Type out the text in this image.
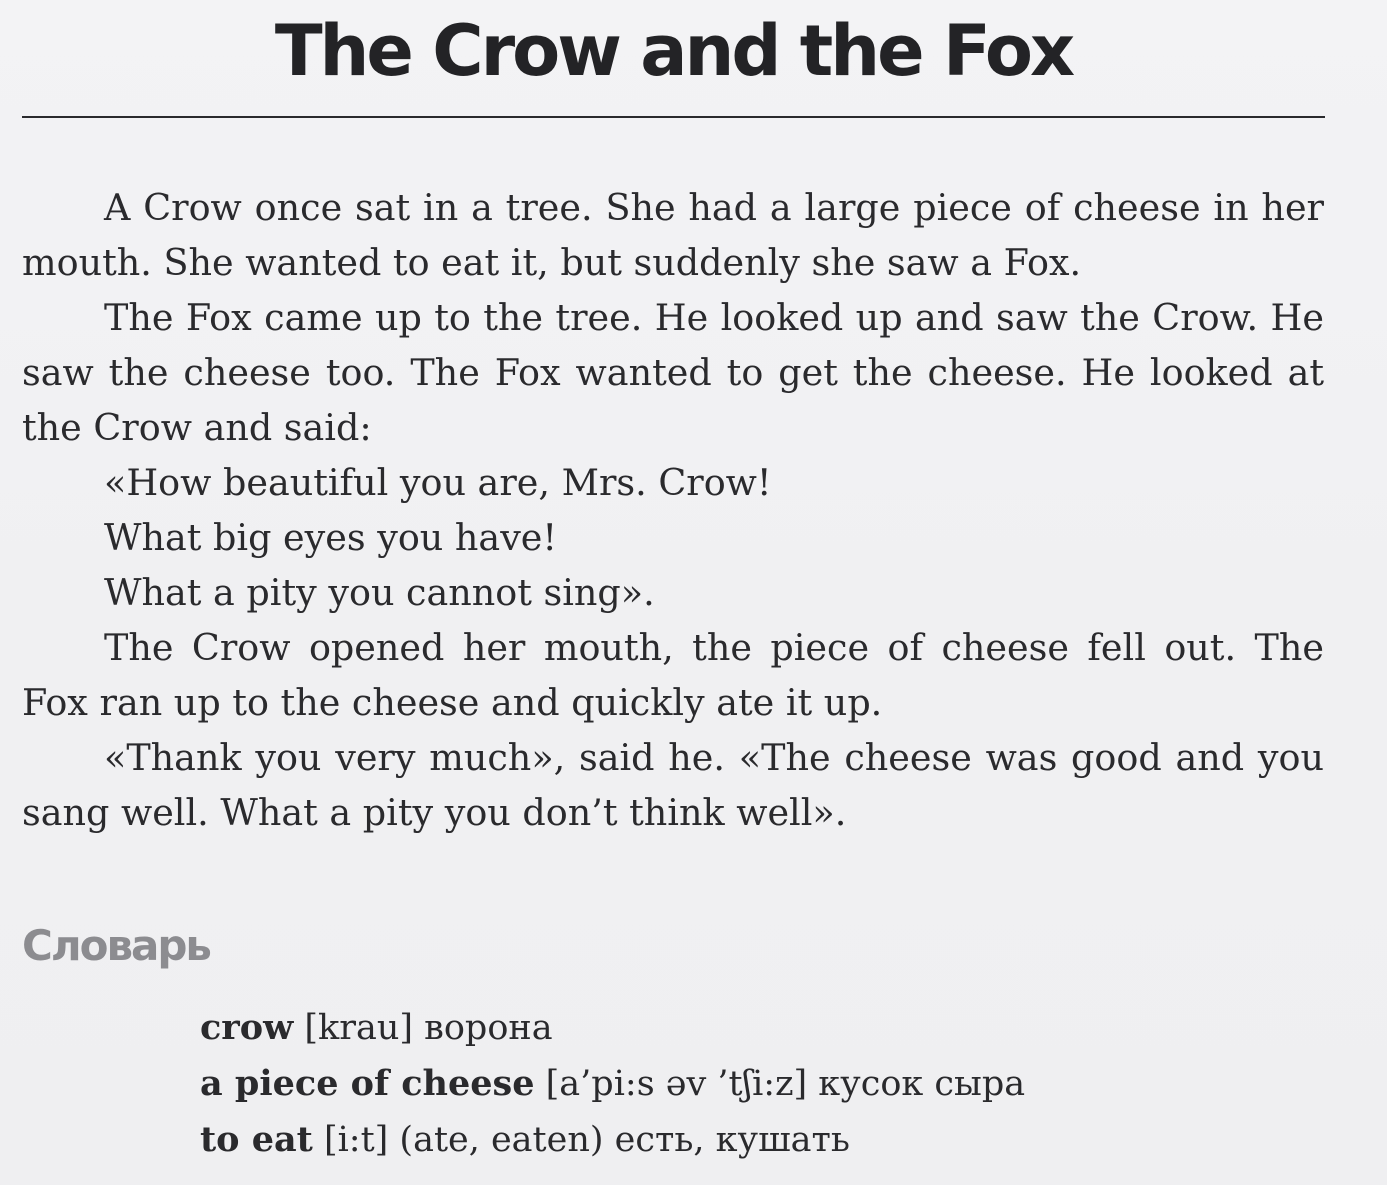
The Crow and the Fox

A Crow once sat in a tree. She had a large piece of cheese in her mouth. She wanted to eat it, but suddenly she saw a Fox.

The Fox came up to the tree. He looked up and saw the Crow. He saw the cheese too. The Fox wanted to get the cheese. He looked at the Crow and said:

«How beautiful you are, Mrs. Crow!

What big eyes you have!

What a pity you cannot sing».

The Crow opened her mouth, the piece of cheese fell out. The Fox ran up to the cheese and quickly ate it up.

«Thank you very much», said he. «The cheese was good and you sang well. What a pity you don’t think well».

Словарь
crow [krau] ворона
a piece of cheese [a’pi:s əv ’tʃi:z] кусок сыра
to eat [i:t] (ate, eaten) есть, кушать
